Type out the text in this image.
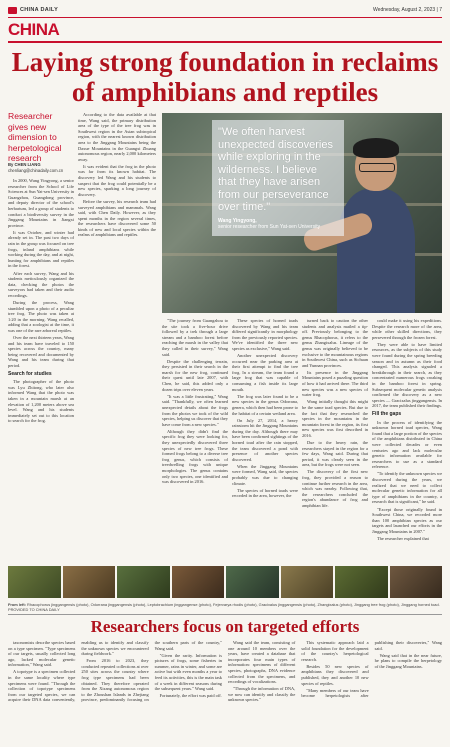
CHINA DAILY	Wednesday, August 2, 2023 | 7
CHINA
Laying strong foundation in reclaims of amphibians and reptiles
Researcher gives new dimension to herpetological research
By CHEN LIANG
chenliang@chinadaily.com.cn

In 2000, Wang Yingyong, a senior researcher from the School of Life Sciences at Sun Yat-sen University in Guangzhou, Guangdong province, and deputy director of the school's herbarium, led a group of students to conduct a biodiversity survey in the Jinggang Mountains in Jiangxi province.

It was October, and winter had already set in. The past two days of rain in the group was focused on tree frogs, inland amphibians while working during the day, and at night, hunting for amphibians and reptiles in the forest.

After each survey, Wang and his students meticulously organized the data, checking the photos the surveyors had taken and their audio recordings.

During the process, Wang stumbled upon a photo of a peculiar tree frog. The photo was taken at 1:20 in the morning. Wang recalled, adding that a zoologist at the time, it was one of the rare arboreal reptiles.

Over the next thirteen years, Wang and his team have traveled to 150 species across the country, many being recovered and documented by Wang and his team during that period.

Search for studies

The photographer of the photo was Lyu Zhitong, who later also informed Wang that the photo was taken in a mountain marsh at an elevation of 1,200 meters above sea level. Wang and his students immediately set out to this location to search for the frog.

According to the data available at that time, Wang said, the primary distribution area of the type of the tree frog was in Southwest region in the Asian subtropical region, with the nearest known distribution area to the Jinggang Mountains being the Daxue Mountains in the Guangxi Zhuang autonomous region, nearly 2,000 kilometers away.

It was evident that the frog in the photo was far from its known habitat. The discovery led Wang and his students to suspect that the frog could potentially be a new species, sparking a long journey of discovery.

Before the survey, his research team had surveyed amphibians and mammals. Wang said, with Chen Daily. However, as they spent months in the region several times, the researchers have discovered some 50 kinds of new and local species within the realms of amphibians and reptiles.

"We often harvest unexpected discoveries while exploring in the wilderness. I believe that they have arisen from our perseverance over time."
Wang Yingyong,
senior researcher from Sun Yat-sen University

"The journey from Guangzhou to the site took a five-hour drive followed by a trek through a large stream and a bamboo forest before reaching the marsh in the valley that they called in their survey," Wang said.

Despite the challenging terrain, they persisted in their search in the marsh for the new frog, continued their quest until late 2007, with Chen, he said, this added only a dozen trips over eleven years.

"It was a little frustrating," Wang said. "Thankfully, we often learned unexpected details about the frogs from the photos we took of the wild species, helping us discover that they have come from a new species."

Although they didn't find the specific frog they were looking for, they unexpectedly discovered three species of new tree frogs. These formed frogs belong to a diverse tree frog genus, which consists of treedwelling frogs with unique morphologies. The genus contains only two species, one identified and was discovered in 2016.

These species of horned toads discovered by Wang and his team differed significantly in morphology from the previously reported species. We've identified the three new species as exclusive," Wang said.

Another unexpected discovery occurred near the parking area at their first attempt to find the tree frog. In a stream, the team found a large frog that was capable of consuming a fish inside its large mouth.

The frog was later found to be a new species in the genus Odorrana, genera, which then had been prone to the habitat of a certain wetland area.

On July 27, 2014, a heavy rainstorm hit the Jinggang Mountains during the day. Although there may have been confirmed sightings of the horned toad after the rain stopped, the team discovered a pond with presence of another species discovered.

When the Jinggang Mountains were formed, Wang said, the species probably was due to changing climate.

The species of horned toads were recorded in the area, however, the

turned back to caution the other students and analysis mailed a tip-off. Previously belonging to the genus Rhacophorus, it refers to the genus Zhangixalus. Lineage of the genus was originally believed to be exclusive to the mountainous regions in Southwest China, such as Sichuan and Yunnan provinces.

Its presence in the Jinggang Mountains posed a puzzling question of how it had arrived there. The third new species was a new species of water frog.

Wang initially thought this might be the same toad species. But due to the fact that they researched the species in the mountains in the mountain forest in the region, its first new species was first described in 2016.

Due to the heavy rain, the researchers stayed in the region for a few days, Wang said. During that period, it was clearly seen in the area, but the frogs were not seen.

The discovery of the first new frog, they provided a reason to continue further research in the area, which was nearby. Following that, the researchers concluded the region's abundance of frog and amphibian life.

could make it using his expeditions. Despite the research more of the area, while other skilled directions, they persevered through the frozen forest.

They were able to have limited resources, as the subjects of this study were found during the spring breeding season and in autumn as their food changed. This analysis signaled a breakthrough in their search, as they concentrated numerous frogs croaking in the bamboo forest in spring. Subsequent molecular genetic analysis confirmed the discovery as a new species — Gracixalus jinggangensis. In 2017, the team published their findings.

Fill the gaps

In the process of identifying the unknown horned toad species, Wang found that a large portion of the species of the amphibians distributed in China were collected decades or even centuries ago and lack molecular genetic information available for researchers to use as a standard reference.

"To identify the unknown species we discovered during the years, we realized that we need to collect molecular genetic information for all type of amphibians in the country, a research that is significant," he said.

"Except those originally found in Southwest China, we recorded more than 100 amphibian species as our targets and launched our efforts in the Jinggang Mountains in 2007."

The researcher explained that

From left: Rhacophorus jinggangensis (photo), Odorrana jinggangensis (photo), Leptobrachium jinggangense (photo), Fejervarya rhodis (photo), Gracixalus jinggangensis (photo), Zhangixalus (photo), Jinggang tree frog (photo), Jinggang horned toad. PROVIDED TO CHINA DAILY
Researchers focus on targeted efforts

taxonomists describe species based on a type specimen. "Type specimens of our targets, usually collected long ago, lacked molecular genetic information," Wang said.

A topotype is a specimen collected in the same locality where type specimens were found. "Through the collection of topotype specimens from our targeted species, we can acquire their DNA data conveniently, enabling us to identify and classify the unknown species we encountered during fieldwork."

From 2016 to 2023, they conducted repeated collections at over 250 sites across the country where frog type specimens had been obtained. They therefore operated from the Xizang autonomous region to the Zhoushan Islands in Zhejiang province, predominantly focusing on the southern parts of the country," Wang said.

"Given the rarity. Information is pictures of frogs, some fisheries in summer, rains in winter, and some are active but with even months a year to feed its activities, this is the main task of a week in different seasons during the subsequent years." Wang said.

Fortunately, the effort was paid off.

Wang said the team, consisting of one around 10 members over the years, have created a database that incorporates four main types of information: specimens of different species, photographs, DNA evidence collected from the specimens, and recordings of vocalizations.

"Through the information of DNA, we now can identify and classify the unknown species."

This systematic approach laid a solid foundation for the development of the country's herpetological research.

Besides 50 new species of amphibians they discovered and published, they and another 10 new species of reptiles.

"Many members of our team have become herpetologists after publishing their discoveries," Wang said.

Wang said that in the near future, he plans to compile the herpetology of the Jinggang Mountains.
